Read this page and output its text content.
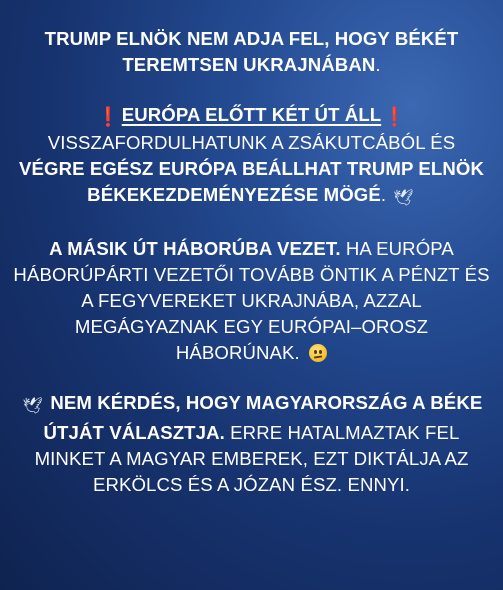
TRUMP ELNÖK NEM ADJA FEL, HOGY BÉKÉT
TEREMTSEN UKRAJNÁBAN.
❗ EURÓPA ELŐTT KÉT ÚT ÁLL ❗
VISSZAFORDULHATUNK A ZSÁKUTCÁBÓL ÉS
VÉGRE EGÉSZ EURÓPA BEÁLLHAT TRUMP ELNÖK BÉKEKEZDEMÉNYEZÉSE MÖGÉ. 🕊
A MÁSIK ÚT HÁBORÚBA VEZET. HA EURÓPA HÁBORÚPÁRTI VEZETŐI TOVÁBB ÖNTIK A PÉNZT ÉS A FEGYVEREKET UKRAJNÁBA, AZZAL MEGÁGYAZNAK EGY EURÓPAI–OROSZ HÁBORÚNAK.
🕊 NEM KÉRDÉS, HOGY MAGYARORSZÁG A BÉKE ÚTJÁT VÁLASZTJA. ERRE HATALMAZTAK FEL MINKET A MAGYAR EMBEREK, EZT DIKTÁLJA AZ ERKÖLCS ÉS A JÓZAN ÉSZ. ENNYI.
